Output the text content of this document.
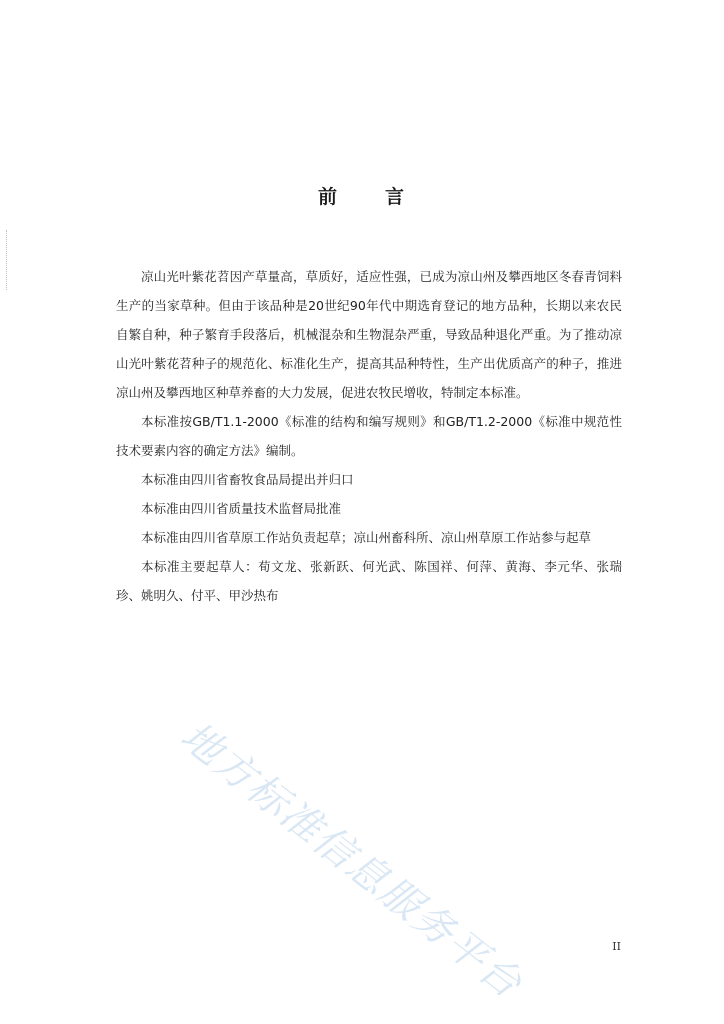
前 言

凉山光叶紫花苕因产草量高，草质好，适应性强，已成为凉山州及攀西地区冬春青饲料生产的当家草种。但由于该品种是20世纪90年代中期选育登记的地方品种，长期以来农民自繁自种，种子繁育手段落后，机械混杂和生物混杂严重，导致品种退化严重。为了推动凉山光叶紫花苕种子的规范化、标准化生产，提高其品种特性，生产出优质高产的种子，推进凉山州及攀西地区种草养畜的大力发展，促进农牧民增收，特制定本标准。

本标准按GB/T1.1-2000《标准的结构和编写规则》和GB/T1.2-2000《标准中规范性技术要素内容的确定方法》编制。

本标准由四川省畜牧食品局提出并归口

本标准由四川省质量技术监督局批准

本标准由四川省草原工作站负责起草；凉山州畜科所、凉山州草原工作站参与起草

本标准主要起草人：荀文龙、张新跃、何光武、陈国祥、何萍、黄海、李元华、张瑞珍、姚明久、付平、甲沙热布

地方标准信息服务平台	II
